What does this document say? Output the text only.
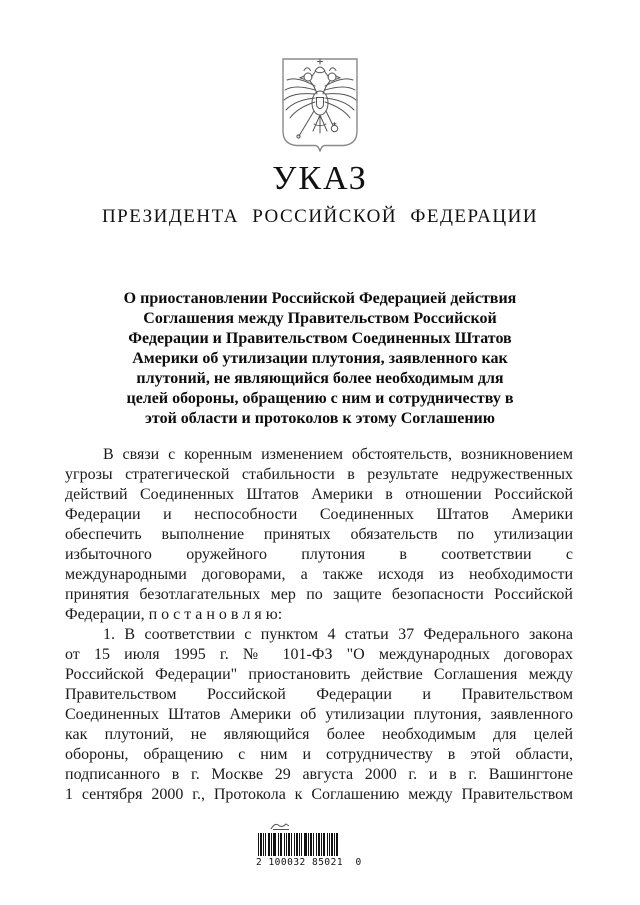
УКАЗ
ПРЕЗИДЕНТА РОССИЙСКОЙ ФЕДЕРАЦИИ
О приостановлении Российской Федерацией действия
Соглашения между Правительством Российской
Федерации и Правительством Соединенных Штатов
Америки об утилизации плутония, заявленного как
плутоний, не являющийся более необходимым для
целей обороны, обращению с ним и сотрудничеству в
этой области и протоколов к этому Соглашению
В связи с коренным изменением обстоятельств, возникновением
угрозы стратегической стабильности в результате недружественных
действий Соединенных Штатов Америки в отношении Российской
Федерации и неспособности Соединенных Штатов Америки
обеспечить выполнение принятых обязательств по утилизации
избыточного оружейного плутония в соответствии с
международными договорами, а также исходя из необходимости
принятия безотлагательных мер по защите безопасности Российской
Федерации, п о с т а н о в л я ю:
1. В соответствии с пунктом 4 статьи 37 Федерального закона
от 15 июля 1995 г. № 101-ФЗ "О международных договорах
Российской Федерации" приостановить действие Соглашения между
Правительством Российской Федерации и Правительством
Соединенных Штатов Америки об утилизации плутония, заявленного
как плутоний, не являющийся более необходимым для целей
обороны, обращению с ним и сотрудничеству в этой области,
подписанного в г. Москве 29 августа 2000 г. и в г. Вашингтоне
1 сентября 2000 г., Протокола к Соглашению между Правительством
2 100032 85021  0
